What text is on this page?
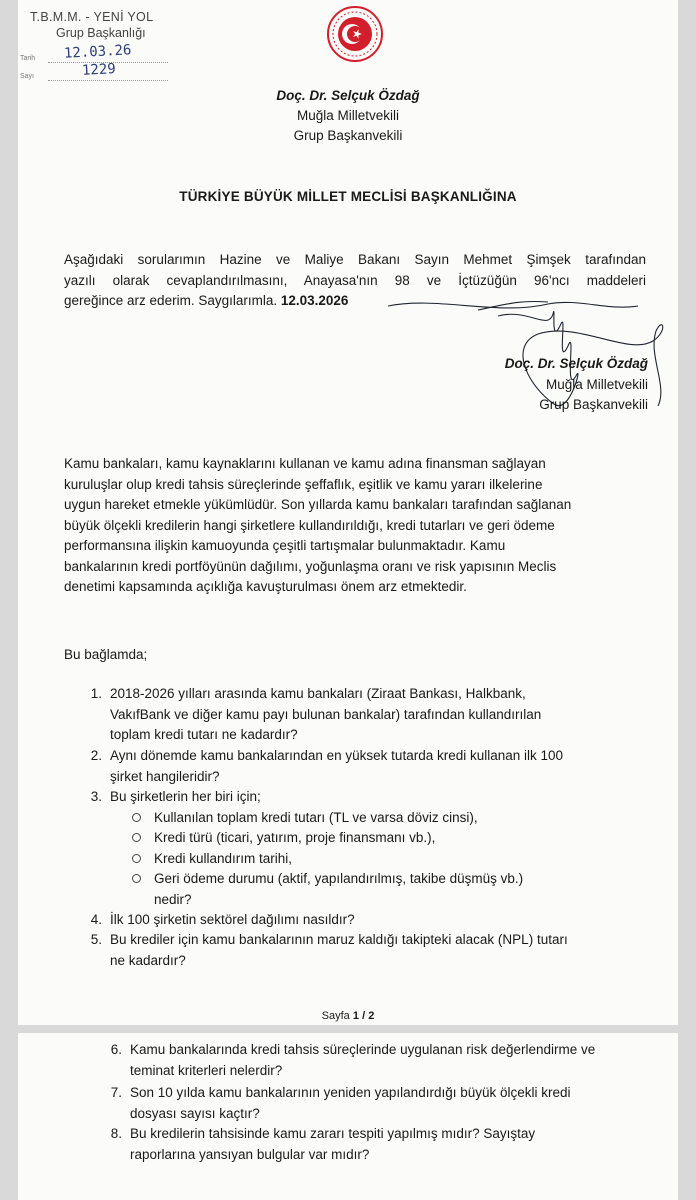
T.B.M.M. - YENİ YOL
Grup Başkanlığı
Tarih 12.03.26
Sayı	1229
Doç. Dr. Selçuk Özdağ
Muğla Milletvekili
Grup Başkanvekili
TÜRKİYE BÜYÜK MİLLET MECLİSİ BAŞKANLIĞINA
Aşağıdaki sorularımın Hazine ve Maliye Bakanı Sayın Mehmet Şimşek tarafından
yazılı olarak cevaplandırılmasını, Anayasa'nın 98 ve İçtüzüğün 96'ncı maddeleri
gereğince arz ederim. Saygılarımla. 12.03.2026
Doç. Dr. Selçuk Özdağ
Muğla Milletvekili
Grup Başkanvekili
Kamu bankaları, kamu kaynaklarını kullanan ve kamu adına finansman sağlayan
kuruluşlar olup kredi tahsis süreçlerinde şeffaflık, eşitlik ve kamu yararı ilkelerine
uygun hareket etmekle yükümlüdür. Son yıllarda kamu bankaları tarafından sağlanan
büyük ölçekli kredilerin hangi şirketlere kullandırıldığı, kredi tutarları ve geri ödeme
performansına ilişkin kamuoyunda çeşitli tartışmalar bulunmaktadır. Kamu
bankalarının kredi portföyünün dağılımı, yoğunlaşma oranı ve risk yapısının Meclis
denetimi kapsamında açıklığa kavuşturulması önem arz etmektedir.
Bu bağlamda;
1. 2018-2026 yılları arasında kamu bankaları (Ziraat Bankası, Halkbank,
VakıfBank ve diğer kamu payı bulunan bankalar) tarafından kullandırılan
toplam kredi tutarı ne kadardır?
2. Aynı dönemde kamu bankalarından en yüksek tutarda kredi kullanan ilk 100
şirket hangileridir?
3. Bu şirketlerin her biri için;
Kullanılan toplam kredi tutarı (TL ve varsa döviz cinsi),
Kredi türü (ticari, yatırım, proje finansmanı vb.),
Kredi kullandırım tarihi,
Geri ödeme durumu (aktif, yapılandırılmış, takibe düşmüş vb.)
nedir?
4. İlk 100 şirketin sektörel dağılımı nasıldır?
5. Bu krediler için kamu bankalarının maruz kaldığı takipteki alacak (NPL) tutarı
ne kadardır?
Sayfa 1 / 2
6. Kamu bankalarında kredi tahsis süreçlerinde uygulanan risk değerlendirme ve
teminat kriterleri nelerdir?
7. Son 10 yılda kamu bankalarının yeniden yapılandırdığı büyük ölçekli kredi
dosyası sayısı kaçtır?
8. Bu kredilerin tahsisinde kamu zararı tespiti yapılmış mıdır? Sayıştay
raporlarına yansıyan bulgular var mıdır?
